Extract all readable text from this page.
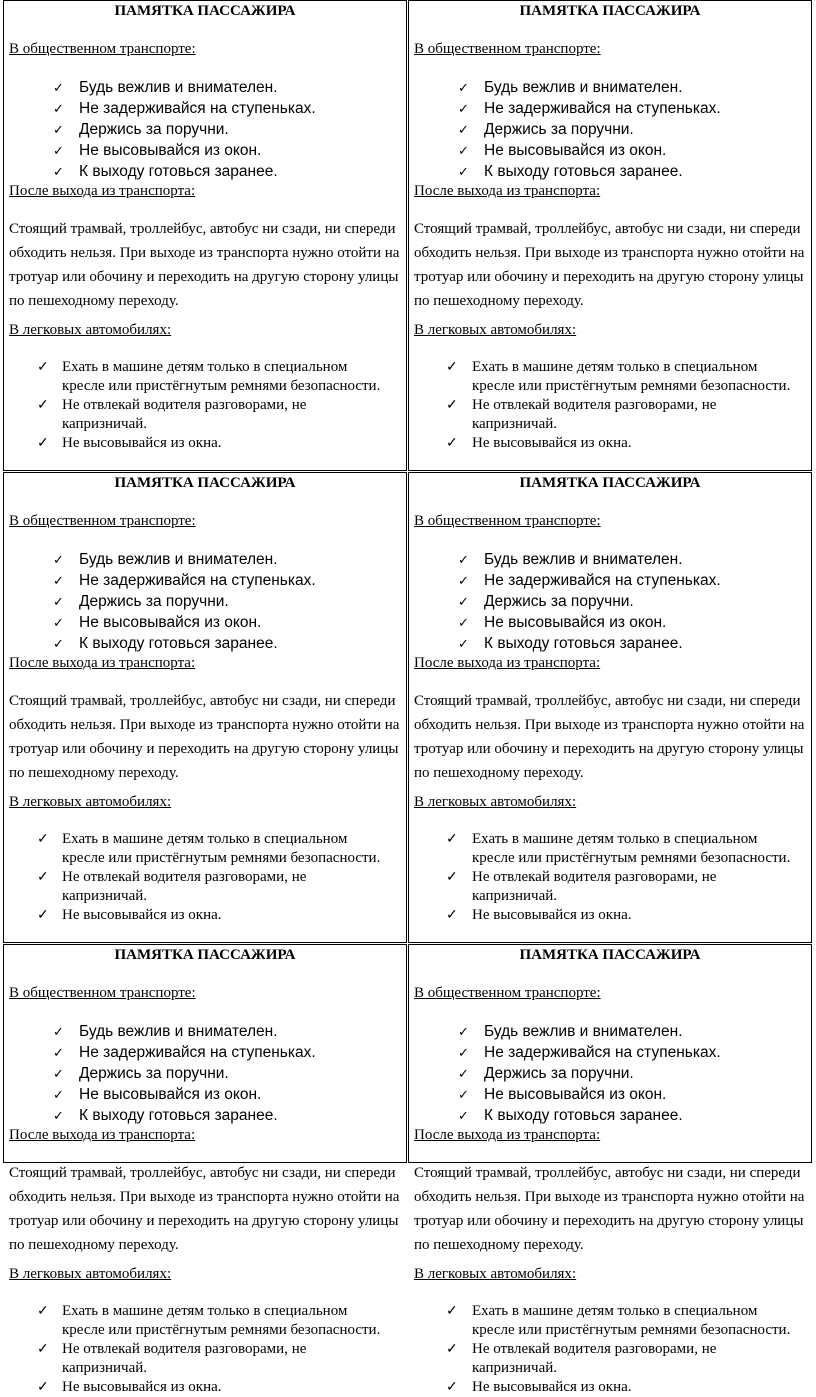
ПАМЯТКА ПАССАЖИРА
В общественном транспорте:
✓ Будь вежлив и внимателен.
✓ Не задерживайся на ступеньках.
✓ Держись за поручни.
✓ Не высовывайся из окон.
✓ К выходу готовься заранее.
После выхода из транспорта:

Стоящий трамвай, троллейбус, автобус ни сзади, ни спереди обходить нельзя. При выходе из транспорта нужно отойти на тротуар или обочину и переходить на другую сторону улицы по пешеходному переходу.

В легковых автомобилях:
✓ Ехать в машине детям только в специальном кресле или пристёгнутым ремнями безопасности.
✓ Не отвлекай водителя разговорами, не капризничай.
✓ Не высовывайся из окна.
ПАМЯТКА ПАССАЖИРА
В общественном транспорте:
✓ Будь вежлив и внимателен.
✓ Не задерживайся на ступеньках.
✓ Держись за поручни.
✓ Не высовывайся из окон.
✓ К выходу готовься заранее.
После выхода из транспорта:

Стоящий трамвай, троллейбус, автобус ни сзади, ни спереди обходить нельзя. При выходе из транспорта нужно отойти на тротуар или обочину и переходить на другую сторону улицы по пешеходному переходу.

В легковых автомобилях:
✓ Ехать в машине детям только в специальном кресле или пристёгнутым ремнями безопасности.
✓ Не отвлекай водителя разговорами, не капризничай.
✓ Не высовывайся из окна.
ПАМЯТКА ПАССАЖИРА
В общественном транспорте:
✓ Будь вежлив и внимателен.
✓ Не задерживайся на ступеньках.
✓ Держись за поручни.
✓ Не высовывайся из окон.
✓ К выходу готовься заранее.
После выхода из транспорта:

Стоящий трамвай, троллейбус, автобус ни сзади, ни спереди обходить нельзя. При выходе из транспорта нужно отойти на тротуар или обочину и переходить на другую сторону улицы по пешеходному переходу.

В легковых автомобилях:
✓ Ехать в машине детям только в специальном кресле или пристёгнутым ремнями безопасности.
✓ Не отвлекай водителя разговорами, не капризничай.
✓ Не высовывайся из окна.
ПАМЯТКА ПАССАЖИРА
В общественном транспорте:
✓ Будь вежлив и внимателен.
✓ Не задерживайся на ступеньках.
✓ Держись за поручни.
✓ Не высовывайся из окон.
✓ К выходу готовься заранее.
После выхода из транспорта:

Стоящий трамвай, троллейбус, автобус ни сзади, ни спереди обходить нельзя. При выходе из транспорта нужно отойти на тротуар или обочину и переходить на другую сторону улицы по пешеходному переходу.

В легковых автомобилях:
✓ Ехать в машине детям только в специальном кресле или пристёгнутым ремнями безопасности.
✓ Не отвлекай водителя разговорами, не капризничай.
✓ Не высовывайся из окна.
ПАМЯТКА ПАССАЖИРА
В общественном транспорте:
✓ Будь вежлив и внимателен.
✓ Не задерживайся на ступеньках.
✓ Держись за поручни.
✓ Не высовывайся из окон.
✓ К выходу готовься заранее.
После выхода из транспорта:

Стоящий трамвай, троллейбус, автобус ни сзади, ни спереди обходить нельзя. При выходе из транспорта нужно отойти на тротуар или обочину и переходить на другую сторону улицы по пешеходному переходу.

В легковых автомобилях:
✓ Ехать в машине детям только в специальном кресле или пристёгнутым ремнями безопасности.
✓ Не отвлекай водителя разговорами, не капризничай.
✓ Не высовывайся из окна.
ПАМЯТКА ПАССАЖИРА
В общественном транспорте:
✓ Будь вежлив и внимателен.
✓ Не задерживайся на ступеньках.
✓ Держись за поручни.
✓ Не высовывайся из окон.
✓ К выходу готовься заранее.
После выхода из транспорта:

Стоящий трамвай, троллейбус, автобус ни сзади, ни спереди обходить нельзя. При выходе из транспорта нужно отойти на тротуар или обочину и переходить на другую сторону улицы по пешеходному переходу.

В легковых автомобилях:
✓ Ехать в машине детям только в специальном кресле или пристёгнутым ремнями безопасности.
✓ Не отвлекай водителя разговорами, не капризничай.
✓ Не высовывайся из окна.
